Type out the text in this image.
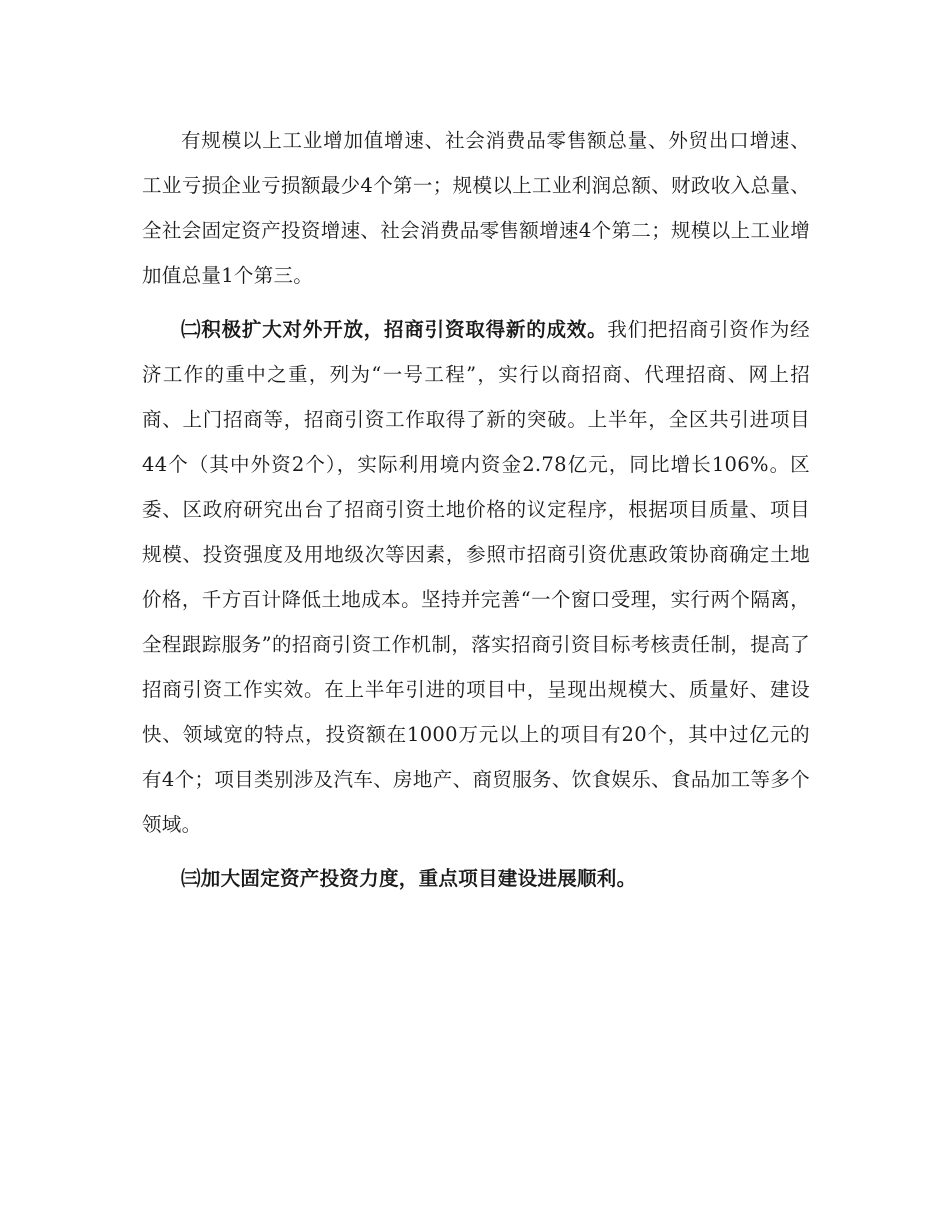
有规模以上工业增加值增速、社会消费品零售额总量、外贸出口增速、工业亏损企业亏损额最少4个第一；规模以上工业利润总额、财政收入总量、全社会固定资产投资增速、社会消费品零售额增速4个第二；规模以上工业增加值总量1个第三。

㈡积极扩大对外开放，招商引资取得新的成效。我们把招商引资作为经济工作的重中之重，列为“一号工程”，实行以商招商、代理招商、网上招商、上门招商等，招商引资工作取得了新的突破。上半年，全区共引进项目44个（其中外资2个），实际利用境内资金2.78亿元，同比增长106%。区委、区政府研究出台了招商引资土地价格的议定程序，根据项目质量、项目规模、投资强度及用地级次等因素，参照市招商引资优惠政策协商确定土地价格，千方百计降低土地成本。坚持并完善“一个窗口受理，实行两个隔离，全程跟踪服务”的招商引资工作机制，落实招商引资目标考核责任制，提高了招商引资工作实效。在上半年引进的项目中，呈现出规模大、质量好、建设快、领域宽的特点，投资额在1000万元以上的项目有20个，其中过亿元的有4个；项目类别涉及汽车、房地产、商贸服务、饮食娱乐、食品加工等多个领域。

㈢加大固定资产投资力度，重点项目建设进展顺利。
